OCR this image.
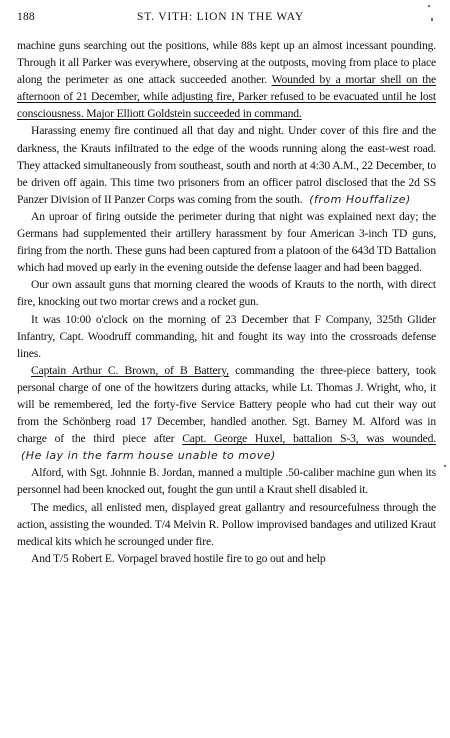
188	ST. VITH: LION IN THE WAY

machine guns searching out the positions, while 88s kept up an almost incessant pounding. Through it all Parker was everywhere, observing at the outposts, moving from place to place along the perimeter as one attack succeeded another. Wounded by a mortar shell on the afternoon of 21 December, while adjusting fire, Parker refused to be evacuated until he lost consciousness. Major Elliott Goldstein succeeded in command.

Harassing enemy fire continued all that day and night. Under cover of this fire and the darkness, the Krauts infiltrated to the edge of the woods running along the east-west road. They attacked simultaneously from southeast, south and north at 4:30 A.M., 22 December, to be driven off again. This time two prisoners from an officer patrol disclosed that the 2d SS Panzer Division of II Panzer Corps was coming from the south. (from Houffalize)

An uproar of firing outside the perimeter during that night was explained next day; the Germans had supplemented their artillery harassment by four American 3-inch TD guns, firing from the north. These guns had been captured from a platoon of the 643d TD Battalion which had moved up early in the evening outside the defense laager and had been bagged.

Our own assault guns that morning cleared the woods of Krauts to the north, with direct fire, knocking out two mortar crews and a rocket gun.

It was 10:00 o'clock on the morning of 23 December that F Company, 325th Glider Infantry, Capt. Woodruff commanding, hit and fought its way into the crossroads defense lines.

Captain Arthur C. Brown, of B Battery, commanding the three-piece battery, took personal charge of one of the howitzers during attacks, while Lt. Thomas J. Wright, who, it will be remembered, led the forty-five Service Battery people who had cut their way out from the Schönberg road 17 December, handled another. Sgt. Barney M. Alford was in charge of the third piece after Capt. George Huxel, battalion S-3, was wounded. (He lay in the farm house unable to move)

Alford, with Sgt. Johnnie B. Jordan, manned a multiple .50-caliber machine gun when its personnel had been knocked out, fought the gun until a Kraut shell disabled it.

The medics, all enlisted men, displayed great gallantry and resourcefulness through the action, assisting the wounded. T/4 Melvin R. Pollow improvised bandages and utilized Kraut medical kits which he scrounged under fire.

And T/5 Robert E. Vorpagel braved hostile fire to go out and help
